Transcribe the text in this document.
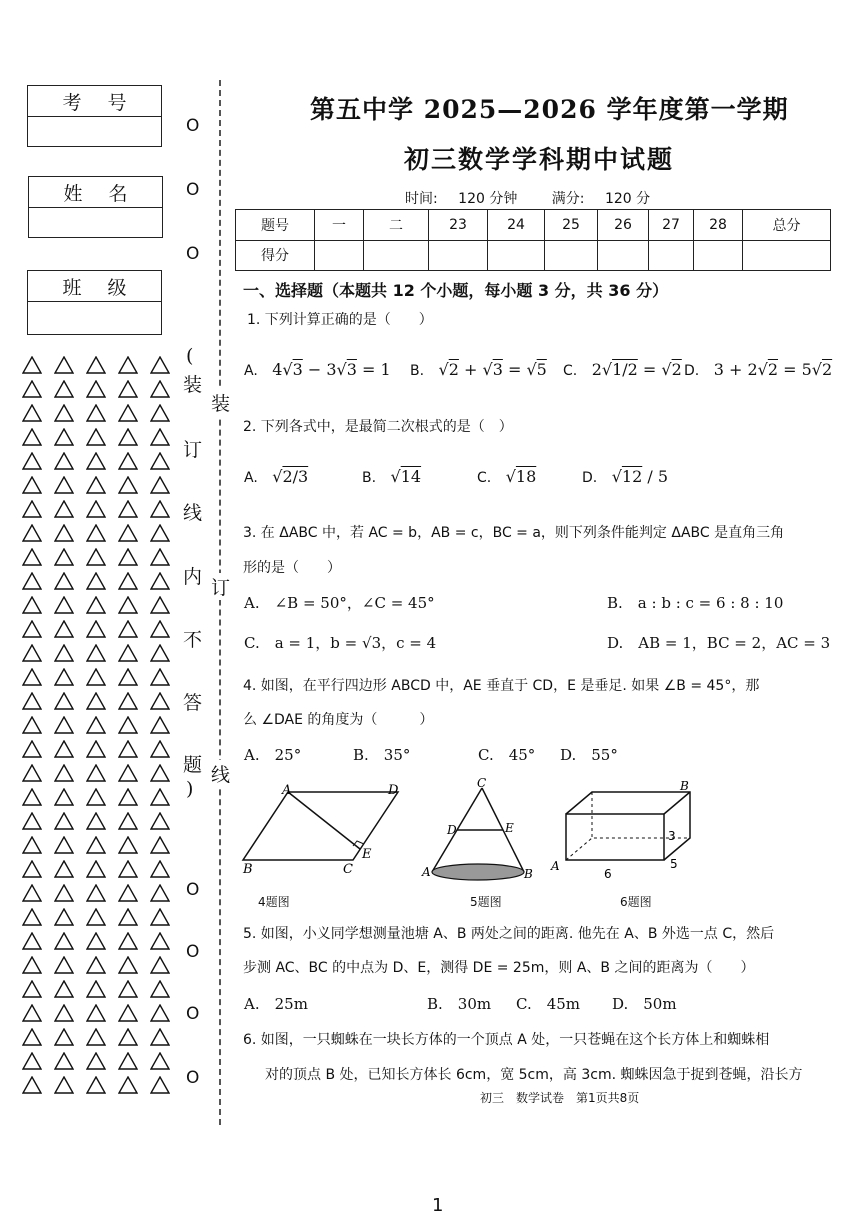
考号
姓名
班级
O
O
O
O
O
O
O
(
装
订
线
内
不
答
题
)
装
订
线
第五中学 2025—2026 学年度第一学期
初三数学学科期中试题
时间: 120 分钟 满分: 120 分
题号	一	二	23	24	25	26	27	28	总分
得分									
一、选择题（本题共 12 个小题，每小题 3 分，共 36 分）
1. 下列计算正确的是（　　）
A. 4√3 − 3√3 = 1 B. √2 + √3 = √5 C. 2√1/2 = √2 D. 3 + 2√2 = 5√2
2. 下列各式中，是最简二次根式的是（　）
A. √2/3	B. √14	C. √18	D. √12 / 5
3. 在 ΔABC 中，若 AC = b，AB = c，BC = a，则下列条件能判定 ΔABC 是直角三角
形的是（　　）
A.　∠B = 50°，∠C = 45°	B.　a : b : c = 6 : 8 : 10
C.　a = 1，b = √3，c = 4	D.　AB = 1，BC = 2，AC = 3
4. 如图，在平行四边形 ABCD 中，AE 垂直于 CD，E 是垂足. 如果 ∠B = 45°，那
么 ∠DAE 的角度为（　　　）
A.　25°	B.　35°	C.　45° D.　55°
A	D
B	C
E
4题图
C
D	E
A	B
5题图
B
A
3
5
6
6题图
5. 如图，小义同学想测量池塘 A、B 两处之间的距离. 他先在 A、B 外选一点 C，然后
步测 AC、BC 的中点为 D、E，测得 DE = 25m，则 A、B 之间的距离为（　　）
A.　25m	B.　30m C.　45m D.　50m
6. 如图，一只蜘蛛在一块长方体的一个顶点 A 处，一只苍蝇在这个长方体上和蜘蛛相
对的顶点 B 处，已知长方体长 6cm，宽 5cm，高 3cm. 蜘蛛因急于捉到苍蝇，沿长方
初三　数学试卷　第1页共8页
1
